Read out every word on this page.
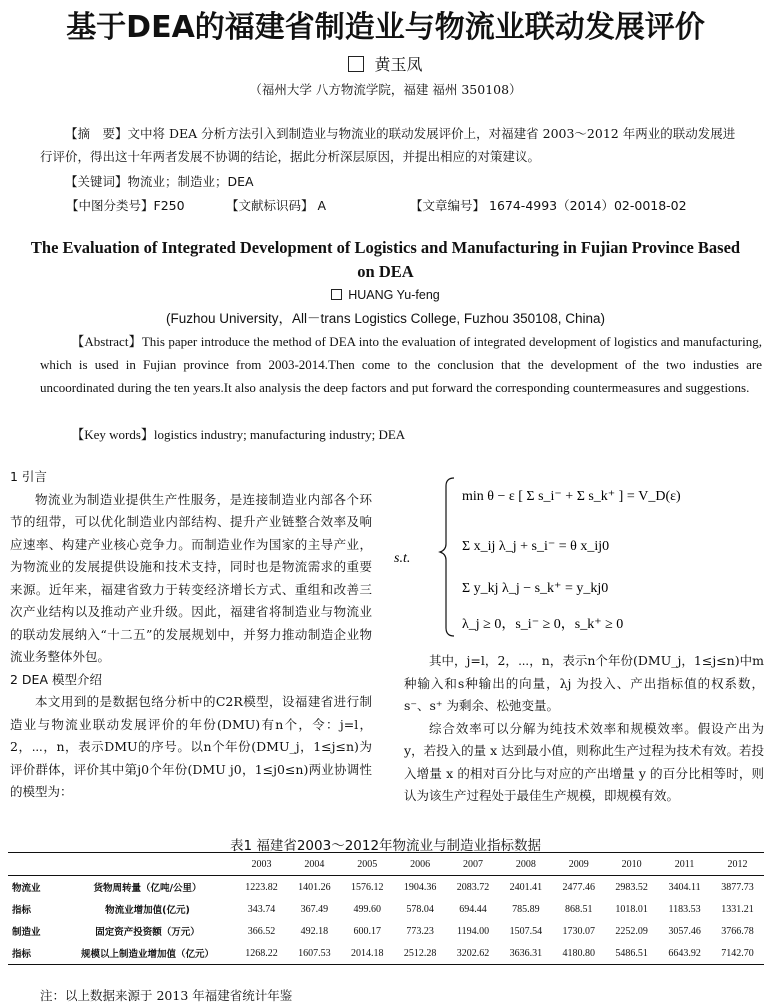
基于DEA的福建省制造业与物流业联动发展评价
黄玉凤
（福州大学 八方物流学院，福建 福州 350108）
【摘　要】文中将 DEA 分析方法引入到制造业与物流业的联动发展评价上，对福建省 2003～2012 年两业的联动发展进行评价，得出这十年两者发展不协调的结论，据此分析深层原因，并提出相应的对策建议。
【关键词】物流业；制造业；DEA
【中图分类号】F250	【文献标识码】 A	【文章编号】 1674-4993（2014）02-0018-02
The Evaluation of Integrated Development of Logistics and Manufacturing in Fujian Province Based on DEA
HUANG Yu-feng
(Fuzhou University，All－trans Logistics College, Fuzhou 350108, China)
【Abstract】This paper introduce the method of DEA into the evaluation of integrated development of logistics and manufacturing, which is used in Fujian province from 2003-2014.Then come to the conclusion that the development of the two industies are uncoordinated during the ten years.It also analysis the deep factors and put forward the corresponding countermeasures and suggestions.
【Key words】logistics industry; manufacturing industry; DEA
1 引言

物流业为制造业提供生产性服务，是连接制造业内部各个环节的纽带，可以优化制造业内部结构、提升产业链整合效率及响应速率、构建产业核心竞争力。而制造业作为国家的主导产业，为物流业的发展提供设施和技术支持，同时也是物流需求的重要来源。近年来，福建省致力于转变经济增长方式、重组和改善三次产业结构以及推动产业升级。因此，福建省将制造业与物流业的联动发展纳入“十二五”的发展规划中，并努力推动制造企业物流业务整体外包。

2 DEA 模型介绍

本文用到的是数据包络分析中的C2R模型，设福建省进行制造业与物流业联动发展评价的年份(DMU)有n个，令：j=l，2，⋯，n，表示DMU的序号。以n个年份(DMU_j，1≤j≤n)为评价群体，评价其中第j0个年份(DMU j0，1≤j0≤n)两业协调性的模型为：

min θ − ε [ Σ s_i⁻ + Σ s_k⁺ ] = V_D(ε)
s.t.
Σ x_ij λ_j + s_i⁻ = θ x_ij0
Σ y_kj λ_j − s_k⁺ = y_kj0
λ_j ≥ 0，s_i⁻ ≥ 0，s_k⁺ ≥ 0

其中，j=l，2，⋯，n，表示n个年份(DMU_j，1≤j≤n)中m种输入和s种输出的向量，λj 为投入、产出指标值的权系数，s⁻、s⁺ 为剩余、松弛变量。

综合效率可以分解为纯技术效率和规模效率。假设产出为 y，若投入的量 x 达到最小值，则称此生产过程为技术有效。若投入增量 x 的相对百分比与对应的产出增量 y 的百分比相等时，则认为该生产过程处于最佳生产规模，即规模有效。

表1 福建省2003～2012年物流业与制造业指标数据
		2003	2004	2005	2006	2007	2008	2009	2010	2011	2012
物流业	货物周转量（亿吨/公里）	1223.82	1401.26	1576.12	1904.36	2083.72	2401.41	2477.46	2983.52	3404.11	3877.73
指标	物流业增加值(亿元)	343.74	367.49	499.60	578.04	694.44	785.89	868.51	1018.01	1183.53	1331.21
制造业	固定资产投资额（万元）	366.52	492.18	600.17	773.23	1194.00	1507.54	1730.07	2252.09	3057.46	3766.78
指标	规模以上制造业增加值（亿元）	1268.22	1607.53	2014.18	2512.28	3202.62	3636.31	4180.80	5486.51	6643.92	7142.70
注：以上数据来源于 2013 年福建省统计年鉴
